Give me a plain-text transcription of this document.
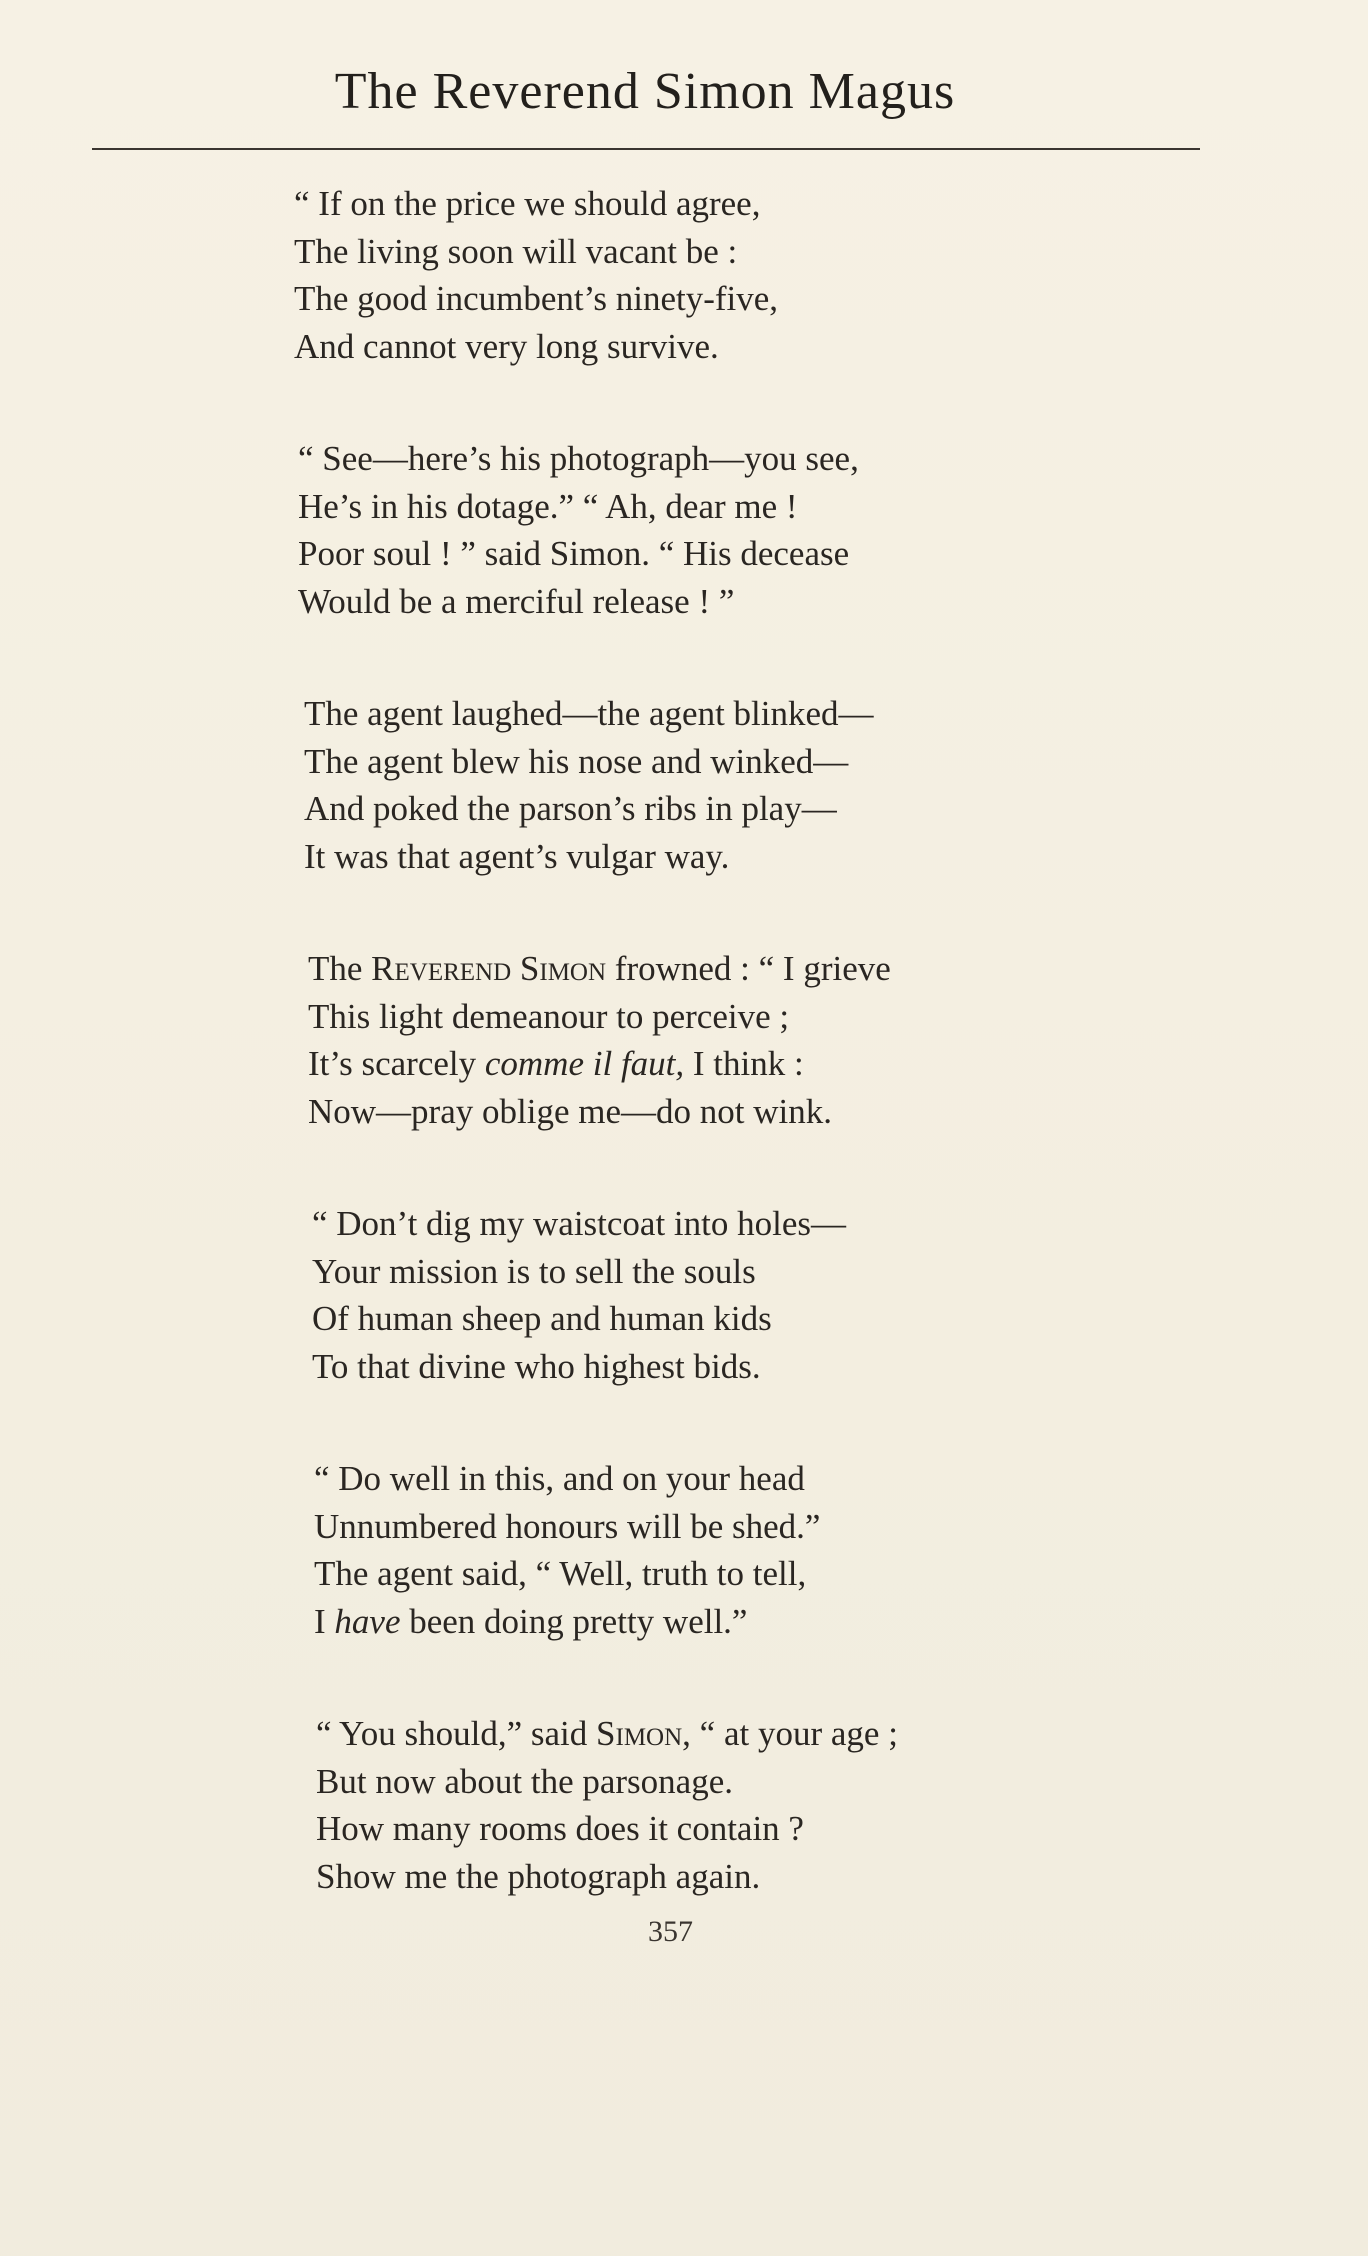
The Reverend Simon Magus
“ If on the price we should agree,
The living soon will vacant be :
The good incumbent’s ninety-five,
And cannot very long survive.
“ See—here’s his photograph—you see,
He’s in his dotage.” “ Ah, dear me !
Poor soul ! ” said Simon. “ His decease
Would be a merciful release ! ”
The agent laughed—the agent blinked—
The agent blew his nose and winked—
And poked the parson’s ribs in play—
It was that agent’s vulgar way.
The Reverend Simon frowned : “ I grieve
This light demeanour to perceive ;
It’s scarcely comme il faut, I think :
Now—pray oblige me—do not wink.
“ Don’t dig my waistcoat into holes—
Your mission is to sell the souls
Of human sheep and human kids
To that divine who highest bids.
“ Do well in this, and on your head
Unnumbered honours will be shed.”
The agent said, “ Well, truth to tell,
I have been doing pretty well.”
“ You should,” said Simon, “ at your age ;
But now about the parsonage.
How many rooms does it contain ?
Show me the photograph again.
357
